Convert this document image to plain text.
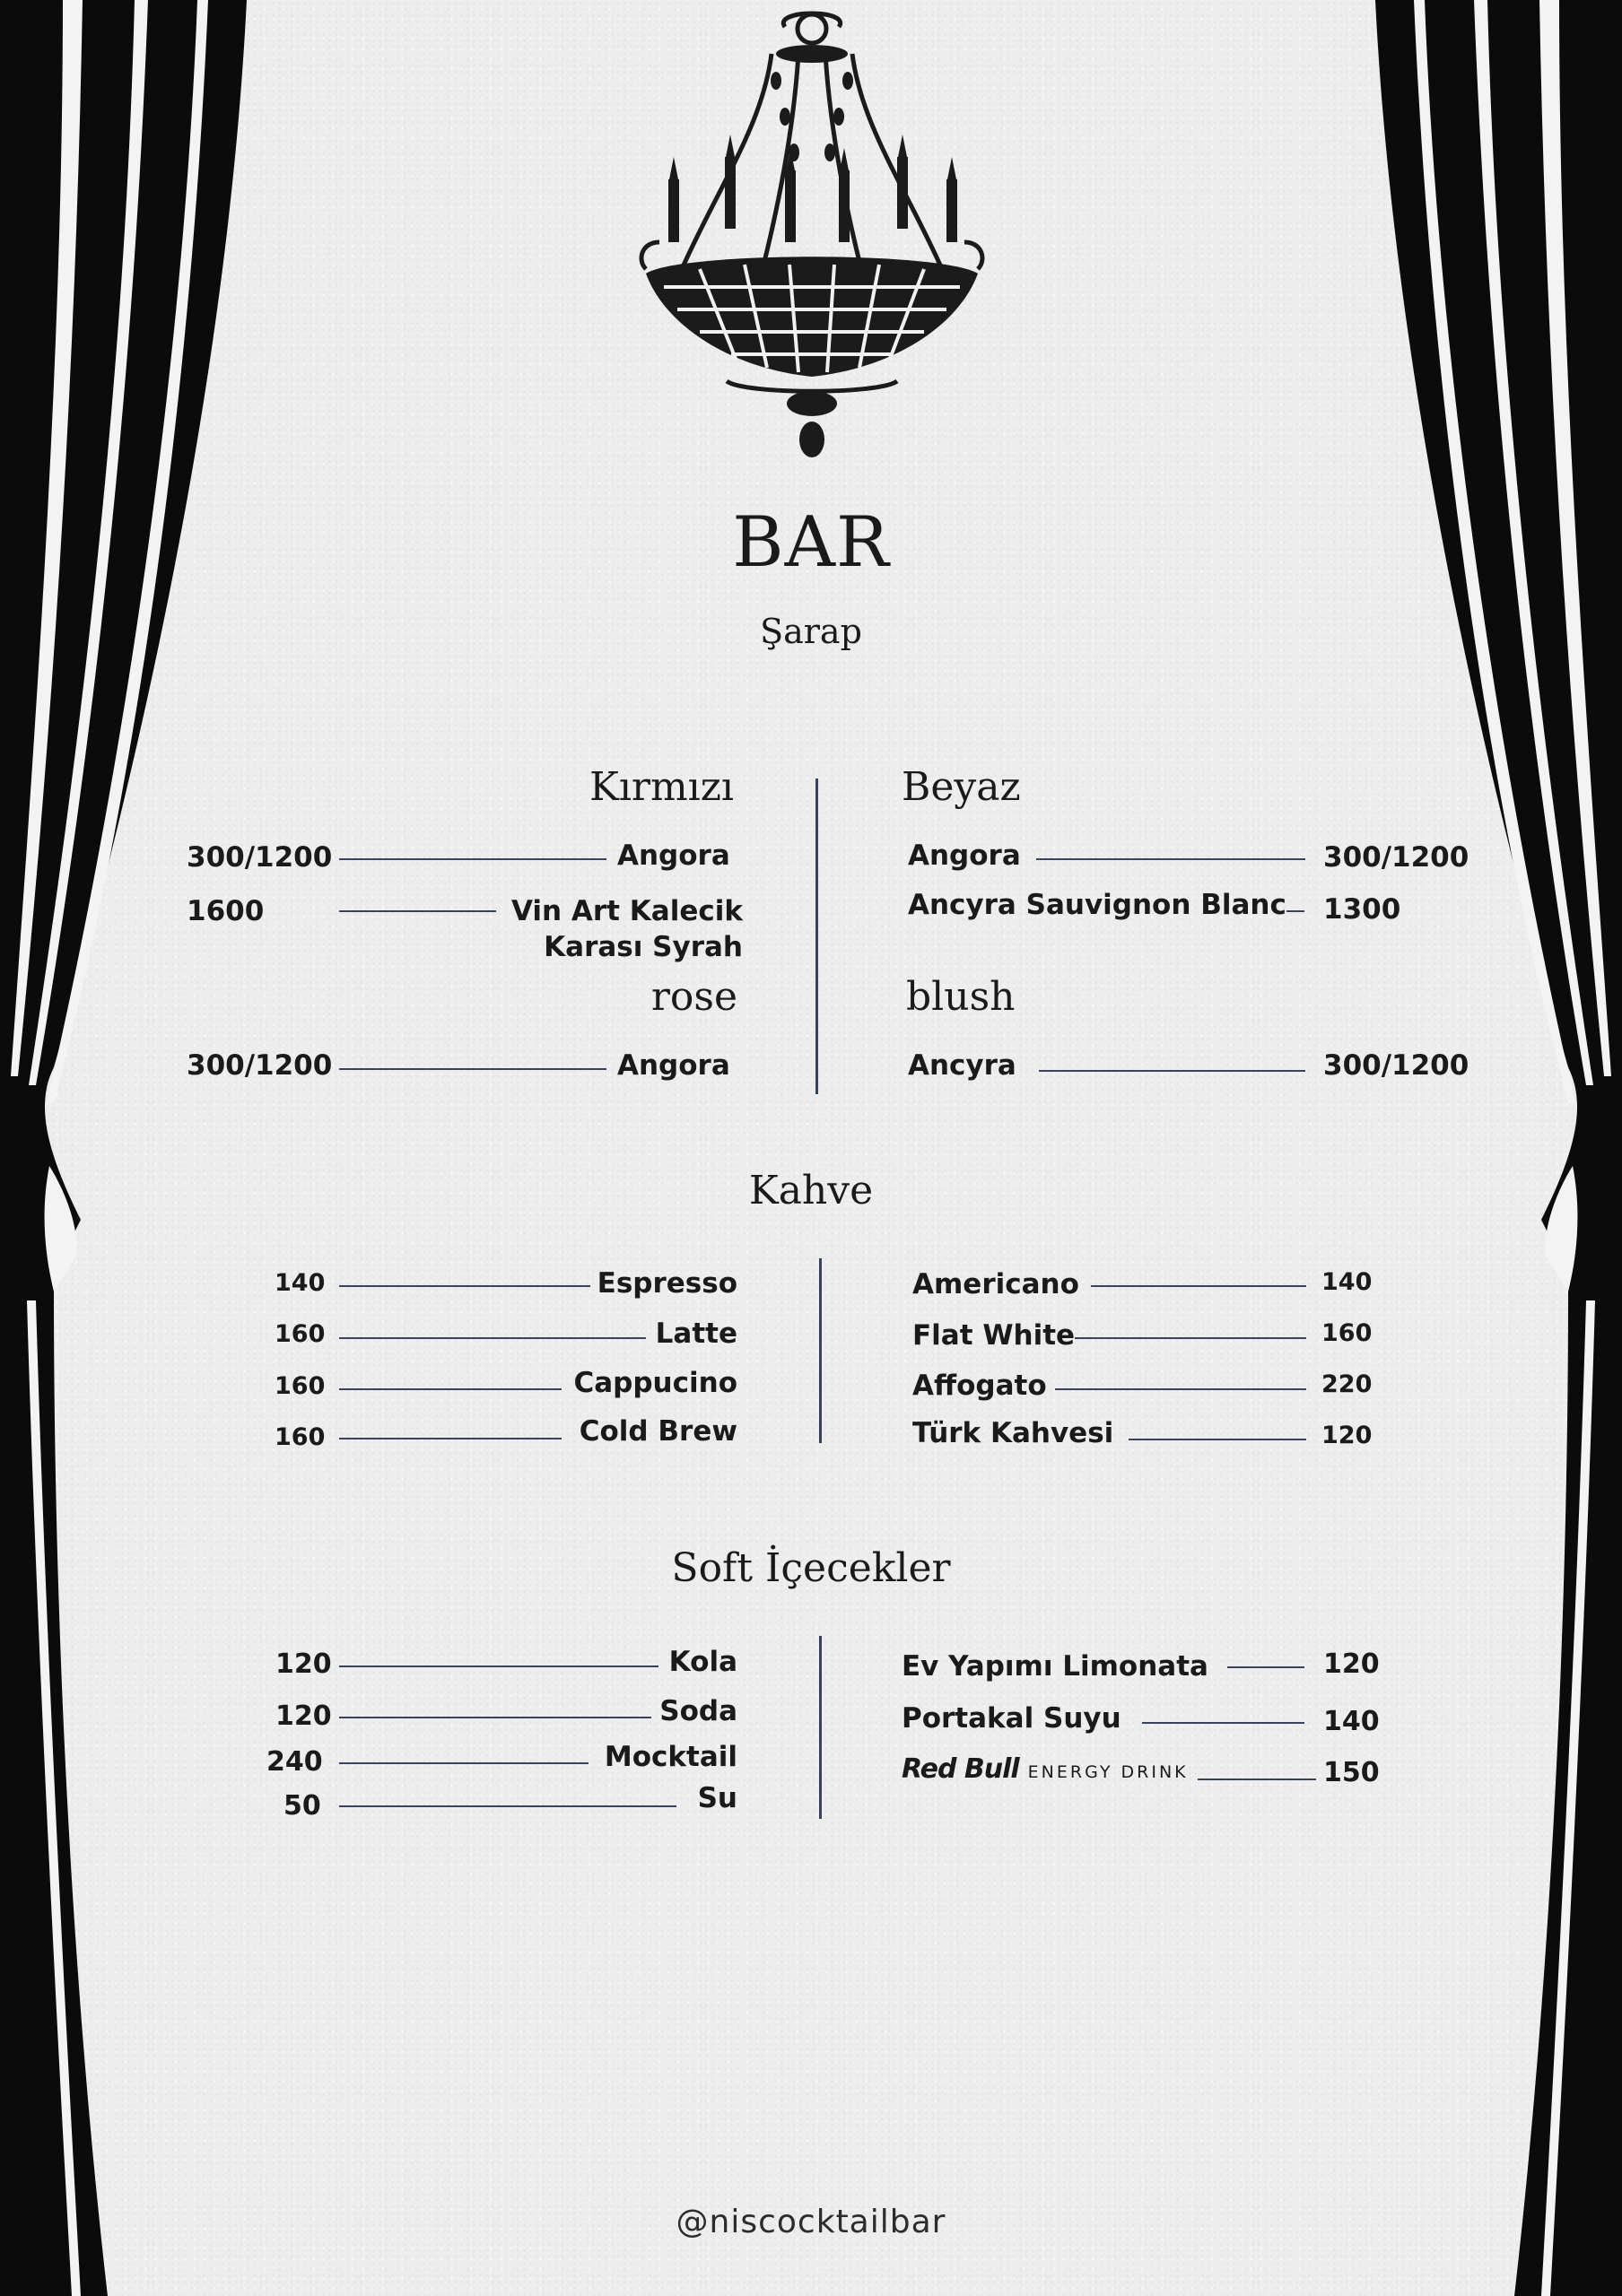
BAR
Şarap
Kırmızı
300/1200	Angora
1600	Vin Art Kalecik
Karası Syrah
rose
300/1200	Angora
Beyaz
Angora	300/1200
Ancyra Sauvignon Blanc 1300
blush
Ancyra	300/1200
Kahve
140	Espresso
160	Latte
160	Cappucino
160	Cold Brew
Americano	140
Flat White	160
Affogato	220
Türk Kahvesi	120
Soft İçecekler
120	Kola
120	Soda
240	Mocktail
50	Su
Ev Yapımı Limonata	120
Portakal Suyu	140
Red Bull ENERGY DRINK	150
@niscocktailbar
